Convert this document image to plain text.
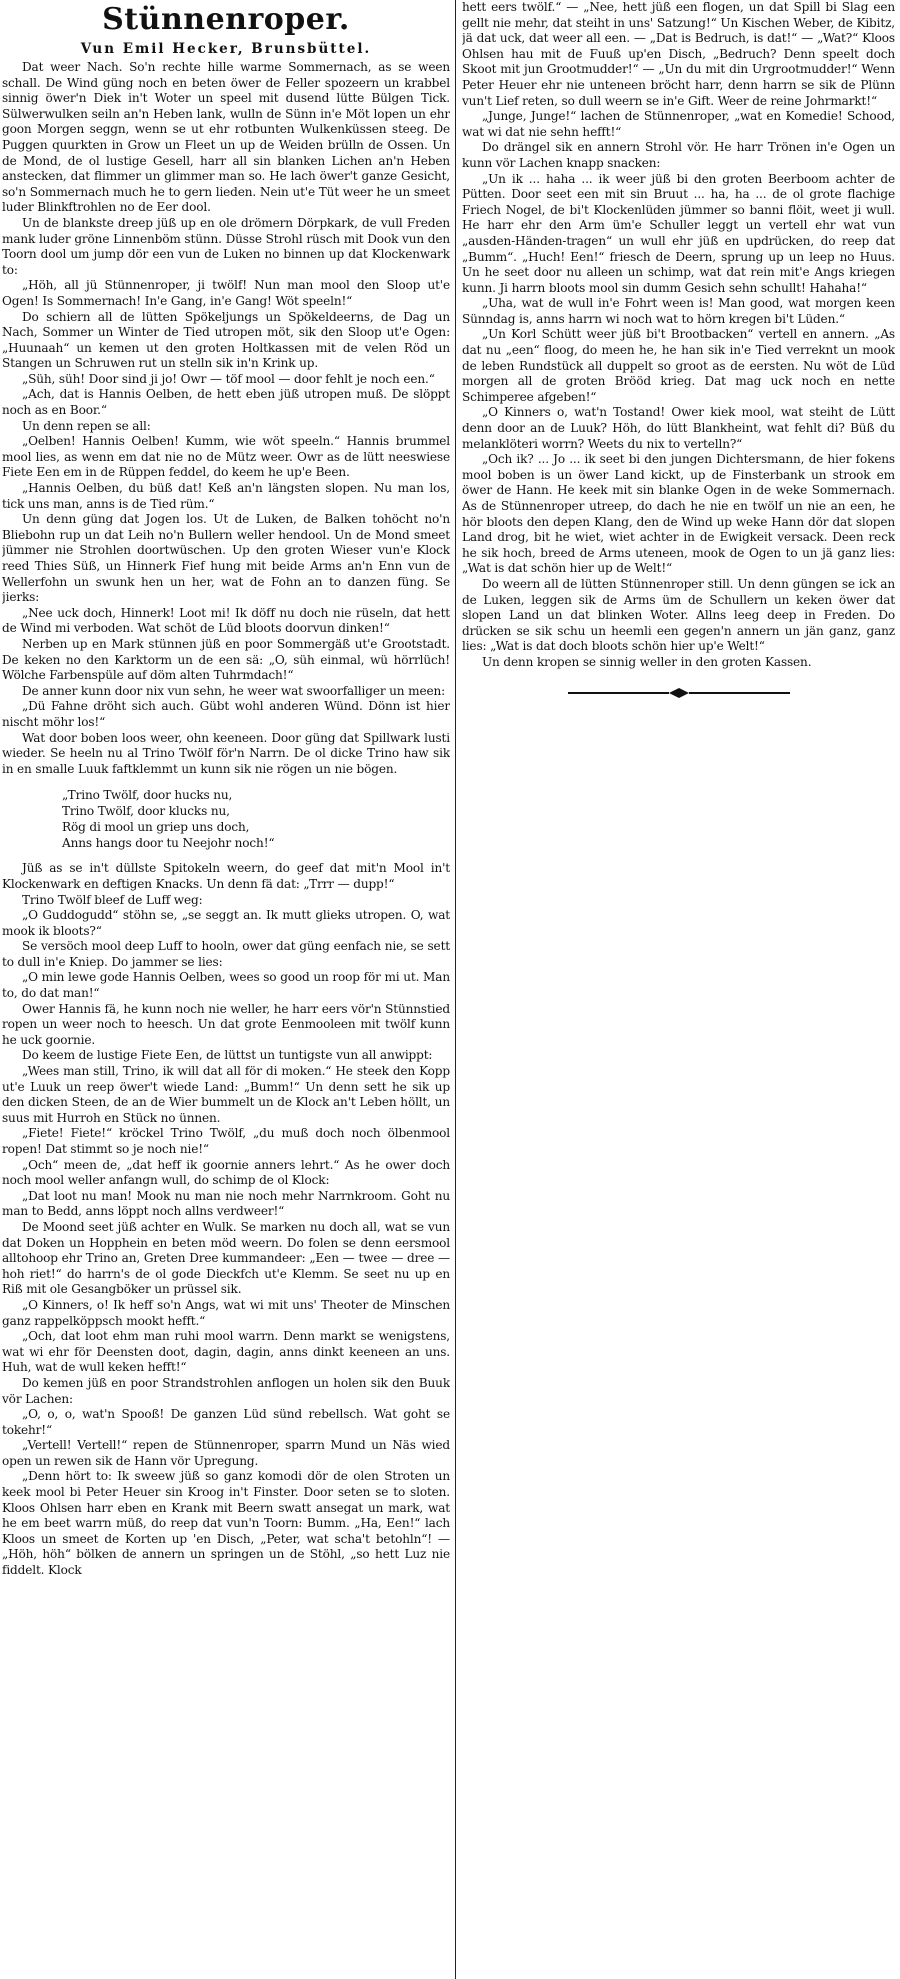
Stünnenroper.
Vun Emil Hecker, Brunsbüttel.

Dat weer Nach. So'n rechte hille warme Sommernach, as se ween schall. De Wind güng noch en beten öwer de Feller spozeern un krabbel sinnig öwer'n Diek in't Woter un speel mit dusend lütte Bülgen Tick. Sülwerwulken seiln an'n Heben lank, wulln de Sünn in'e Möt lopen un ehr goon Morgen seggn, wenn se ut ehr rotbunten Wulkenküssen steeg. De Puggen quurkten in Grow un Fleet un up de Weiden brülln de Ossen. Un de Mond, de ol lustige Gesell, harr all sin blanken Lichen an'n Heben anstecken, dat flimmer un glimmer man so. He lach öwer't ganze Gesicht, so'n Sommernach much he to gern lieden. Nein ut'e Tüt weer he un smeet luder Blinkftrohlen no de Eer dool.

Un de blankste dreep jüß up en ole drömern Dörpkark, de vull Freden mank luder gröne Linnenböm stünn. Düsse Strohl rüsch mit Dook vun den Toorn dool um jump dör een vun de Luken no binnen up dat Klockenwark to:

„Höh, all jü Stünnenroper, ji twölf! Nun man mool den Sloop ut'e Ogen! Is Sommernach! In'e Gang, in'e Gang! Wöt speeln!“

Do schiern all de lütten Spökeljungs un Spökeldeerns, de Dag un Nach, Sommer un Winter de Tied utropen möt, sik den Sloop ut'e Ogen: „Huunaah“ un kemen ut den groten Holtkassen mit de velen Röd un Stangen un Schruwen rut un stelln sik in'n Krink up.

„Süh, süh! Door sind ji jo! Owr — töf mool — door fehlt je noch een.“

„Ach, dat is Hannis Oelben, de hett eben jüß utropen muß. De slöppt noch as en Boor.“

Un denn repen se all:

„Oelben! Hannis Oelben! Kumm, wie wöt speeln.“ Hannis brummel mool lies, as wenn em dat nie no de Mütz weer. Owr as de lütt neeswiese Fiete Een em in de Rüppen feddel, do keem he up'e Been.

„Hannis Oelben, du büß dat! Keß an'n längsten slopen. Nu man los, tick uns man, anns is de Tied rüm.“

Un denn güng dat Jogen los. Ut de Luken, de Balken tohöcht no'n Bliebohn rup un dat Leih no'n Bullern weller hendool. Un de Mond smeet jümmer nie Strohlen doortwüschen. Up den groten Wieser vun'e Klock reed Thies Süß, un Hinnerk Fief hung mit beide Arms an'n Enn vun de Wellerfohn un swunk hen un her, wat de Fohn an to danzen füng. Se jierks:

„Nee uck doch, Hinnerk! Loot mi! Ik döff nu doch nie rüseln, dat hett de Wind mi verboden. Wat schöt de Lüd bloots doorvun dinken!“

Nerben up en Mark stünnen jüß en poor Sommergäß ut'e Grootstadt. De keken no den Karktorm un de een sä: „O, süh einmal, wü hörrlüch! Wölche Farbenspüle auf döm alten Tuhrmdach!“

De anner kunn door nix vun sehn, he weer wat swoorfalliger un meen:

„Dü Fahne dröht sich auch. Gübt wohl anderen Wünd. Dönn ist hier nischt möhr los!“

Wat door boben loos weer, ohn keeneen. Door güng dat Spillwark lusti wieder. Se heeln nu al Trino Twölf för'n Narrn. De ol dicke Trino haw sik in en smalle Luuk faftklemmt un kunn sik nie rögen un nie bögen.

„Trino Twölf, door hucks nu,
Trino Twölf, door klucks nu,
Rög di mool un griep uns doch,
Anns hangs door tu Neejohr noch!“

Jüß as se in't düllste Spitokeln weern, do geef dat mit'n Mool in't Klockenwark en deftigen Knacks. Un denn fä dat: „Trrr — dupp!“

Trino Twölf bleef de Luff weg:

„O Guddogudd“ stöhn se, „se seggt an. Ik mutt glieks utropen. O, wat mook ik bloots?“

Se versöch mool deep Luff to hooln, ower dat güng eenfach nie, se sett to dull in'e Kniep. Do jammer se lies:

„O min lewe gode Hannis Oelben, wees so good un roop för mi ut. Man to, do dat man!“

Ower Hannis fä, he kunn noch nie weller, he harr eers vör'n Stünnstied ropen un weer noch to heesch. Un dat grote Eenmooleen mit twölf kunn he uck goornie.

Do keem de lustige Fiete Een, de lüttst un tuntigste vun all anwippt:

„Wees man still, Trino, ik will dat all för di moken.“ He steek den Kopp ut'e Luuk un reep öwer't wiede Land: „Bumm!“ Un denn sett he sik up den dicken Steen, de an de Wier bummelt un de Klock an't Leben höllt, un suus mit Hurroh en Stück no ünnen.

„Fiete! Fiete!“ kröckel Trino Twölf, „du muß doch noch ölbenmool ropen! Dat stimmt so je noch nie!“

„Och“ meen de, „dat heff ik goornie anners lehrt.“ As he ower doch noch mool weller anfangn wull, do schimp de ol Klock:

„Dat loot nu man! Mook nu man nie noch mehr Narrnkroom. Goht nu man to Bedd, anns löppt noch allns verdweer!“

De Moond seet jüß achter en Wulk. Se marken nu doch all, wat se vun dat Doken un Hopphein en beten möd weern. Do folen se denn eersmool alltohoop ehr Trino an, Greten Dree kummandeer: „Een — twee — dree — hoh riet!“ do harrn's de ol gode Dieckfch ut'e Klemm. Se seet nu up en Riß mit ole Gesangböker un prüssel sik.

„O Kinners, o! Ik heff so'n Angs, wat wi mit uns' Theoter de Minschen ganz rappelköppsch mookt hefft.“

„Och, dat loot ehm man ruhi mool warrn. Denn markt se wenigstens, wat wi ehr för Deensten doot, dagin, dagin, anns dinkt keeneen an uns. Huh, wat de wull keken hefft!“

Do kemen jüß en poor Strandstrohlen anflogen un holen sik den Buuk vör Lachen:

„O, o, o, wat'n Spooß! De ganzen Lüd sünd rebellsch. Wat goht se tokehr!“

„Vertell! Vertell!“ repen de Stünnenroper, sparrn Mund un Näs wied open un rewen sik de Hann vör Upregung.

„Denn hört to: Ik sweew jüß so ganz komodi dör de olen Stroten un keek mool bi Peter Heuer sin Kroog in't Finster. Door seten se to sloten. Kloos Ohlsen harr eben en Krank mit Beern swatt ansegat un mark, wat he em beet warrn müß, do reep dat vun'n Toorn: Bumm. „Ha, Een!“ lach Kloos un smeet de Korten up 'en Disch, „Peter, wat scha't betohln“! — „Höh, höh“ bölken de annern un springen un de Stöhl, „so hett Luz nie fiddelt. Klock

hett eers twölf.“ — „Nee, hett jüß een flogen, un dat Spill bi Slag een gellt nie mehr, dat steiht in uns' Satzung!“ Un Kischen Weber, de Kibitz, jä dat uck, dat weer all een. — „Dat is Bedruch, is dat!“ — „Wat?“ Kloos Ohlsen hau mit de Fuuß up'en Disch, „Bedruch? Denn speelt doch Skoot mit jun Grootmudder!“ — „Un du mit din Urgrootmudder!“ Wenn Peter Heuer ehr nie unteneen bröcht harr, denn harrn se sik de Plünn vun't Lief reten, so dull weern se in'e Gift. Weer de reine Johrmarkt!“

„Junge, Junge!“ lachen de Stünnenroper, „wat en Komedie! Schood, wat wi dat nie sehn hefft!“

Do drängel sik en annern Strohl vör. He harr Trönen in'e Ogen un kunn vör Lachen knapp snacken:

„Un ik ... haha ... ik weer jüß bi den groten Beerboom achter de Pütten. Door seet een mit sin Bruut ... ha, ha ... de ol grote flachige Friech Nogel, de bi't Klockenlüden jümmer so banni flöit, weet ji wull. He harr ehr den Arm üm'e Schuller leggt un vertell ehr wat vun „ausden-Händen-tragen“ un wull ehr jüß en updrücken, do reep dat „Bumm“. „Huch! Een!“ friesch de Deern, sprung up un leep no Huus. Un he seet door nu alleen un schimp, wat dat rein mit'e Angs kriegen kunn. Ji harrn bloots mool sin dumm Gesich sehn schullt! Hahaha!“

„Uha, wat de wull in'e Fohrt ween is! Man good, wat morgen keen Sünndag is, anns harrn wi noch wat to hörn kregen bi't Lüden.“

„Un Korl Schütt weer jüß bi't Brootbacken“ vertell en annern. „As dat nu „een“ floog, do meen he, he han sik in'e Tied verreknt un mook de leben Rundstück all duppelt so groot as de eersten. Nu wöt de Lüd morgen all de groten Brööd krieg. Dat mag uck noch en nette Schimperee afgeben!“

„O Kinners o, wat'n Tostand! Ower kiek mool, wat steiht de Lütt denn door an de Luuk? Höh, do lütt Blankheint, wat fehlt di? Büß du melanklöteri worrn? Weets du nix to vertelln?“

„Och ik? ... Jo ... ik seet bi den jungen Dichtersmann, de hier fokens mool boben is un öwer Land kickt, up de Finsterbank un strook em öwer de Hann. He keek mit sin blanke Ogen in de weke Sommernach. As de Stünnenroper utreep, do dach he nie en twölf un nie an een, he hör bloots den depen Klang, den de Wind up weke Hann dör dat slopen Land drog, bit he wiet, wiet achter in de Ewigkeit versack. Deen reck he sik hoch, breed de Arms uteneen, mook de Ogen to un jä ganz lies: „Wat is dat schön hier up de Welt!“

Do weern all de lütten Stünnenroper still. Un denn güngen se ick an de Luken, leggen sik de Arms üm de Schullern un keken öwer dat slopen Land un dat blinken Woter. Allns leeg deep in Freden. Do drücken se sik schu un heemli een gegen'n annern un jän ganz, ganz lies: „Wat is dat doch bloots schön hier up'e Welt!“

Un denn kropen se sinnig weller in den groten Kassen.
